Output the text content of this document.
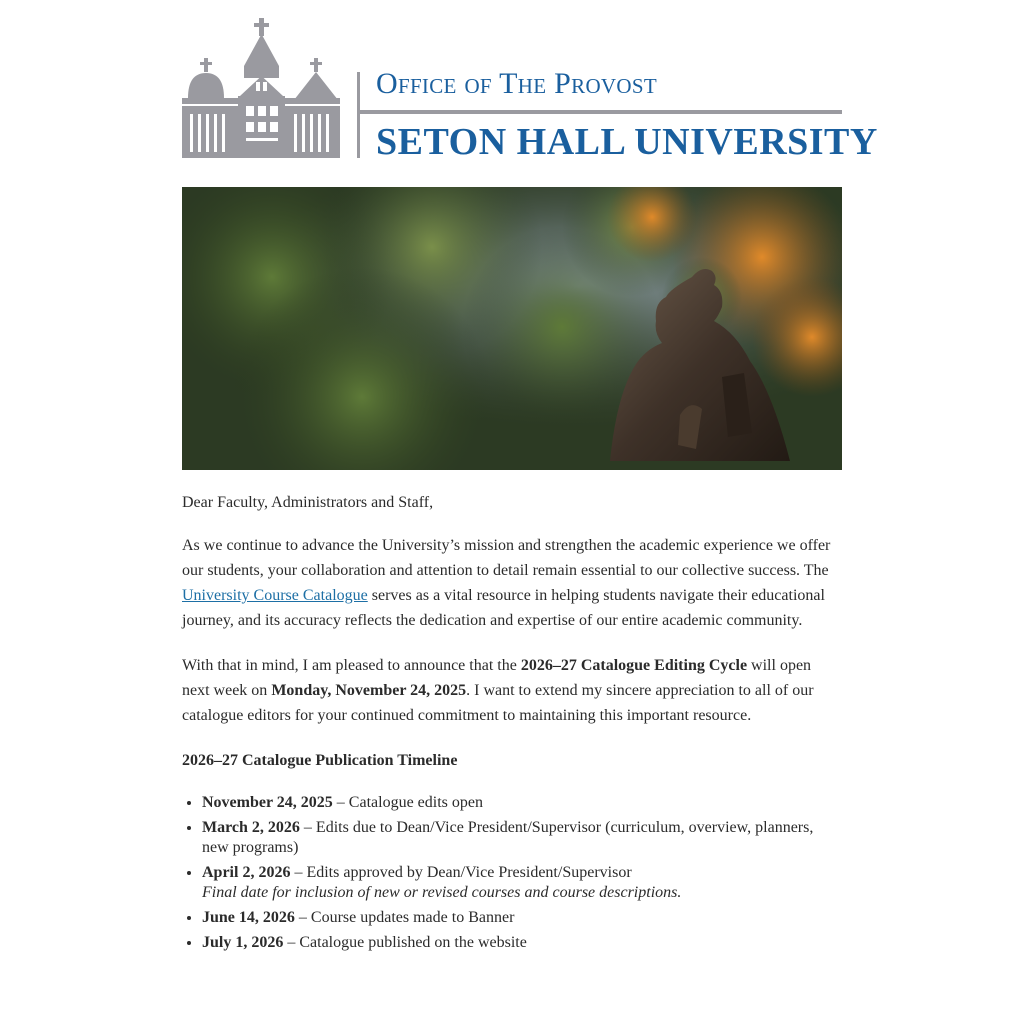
Office of The Provost
SETON HALL UNIVERSITY

Dear Faculty, Administrators and Staff,

As we continue to advance the University’s mission and strengthen the academic experience we offer our students, your collaboration and attention to detail remain essential to our collective success. The University Course Catalogue serves as a vital resource in helping students navigate their educational journey, and its accuracy reflects the dedication and expertise of our entire academic community.

With that in mind, I am pleased to announce that the 2026–27 Catalogue Editing Cycle will open next week on Monday, November 24, 2025. I want to extend my sincere appreciation to all of our catalogue editors for your continued commitment to maintaining this important resource.

2026–27 Catalogue Publication Timeline

• November 24, 2025 – Catalogue edits open
• March 2, 2026 – Edits due to Dean/Vice President/Supervisor (curriculum, overview, planners, new programs)
• April 2, 2026 – Edits approved by Dean/Vice President/Supervisor
Final date for inclusion of new or revised courses and course descriptions.
• June 14, 2026 – Course updates made to Banner
• July 1, 2026 – Catalogue published on the website
